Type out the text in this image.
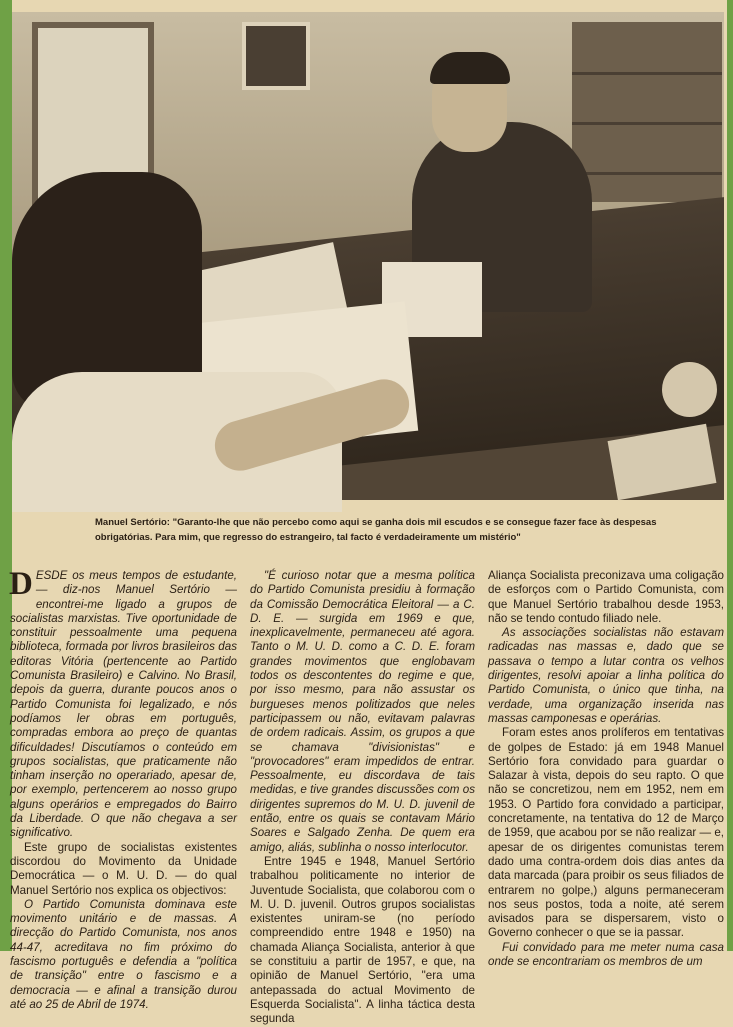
Manuel Sertório: "Garanto-lhe que não percebo como aqui se ganha dois mil escudos e se consegue fazer face às despesas obrigatórias. Para mim, que regresso do estrangeiro, tal facto é verdadeiramente um mistério"

DESDE os meus tempos de estudante, — diz-nos Manuel Sertório — encontrei-me ligado a grupos de socialistas marxistas. Tive oportunidade de constituir pessoalmente uma pequena biblioteca, formada por livros brasileiros das editoras Vitória (pertencente ao Partido Comunista Brasileiro) e Calvino. No Brasil, depois da guerra, durante poucos anos o Partido Comunista foi legalizado, e nós podíamos ler obras em português, compradas embora ao preço de quantas dificuldades! Discutíamos o conteúdo em grupos socialistas, que praticamente não tinham inserção no operariado, apesar de, por exemplo, pertencerem ao nosso grupo alguns operários e empregados do Bairro da Liberdade. O que não chegava a ser significativo.

Este grupo de socialistas existentes discordou do Movimento da Unidade Democrática — o M. U. D. — do qual Manuel Sertório nos explica os objectivos:

O Partido Comunista dominava este movimento unitário e de massas. A direcção do Partido Comunista, nos anos 44-47, acreditava no fim próximo do fascismo português e defendia a "política de transição" entre o fascismo e a democracia — e afinal a transição durou até ao 25 de Abril de 1974.

"É curioso notar que a mesma política do Partido Comunista presidiu à formação da Comissão Democrática Eleitoral — a C. D. E. — surgida em 1969 e que, inexplicavelmente, permaneceu até agora. Tanto o M. U. D. como a C. D. E. foram grandes movimentos que englobavam todos os descontentes do regime e que, por isso mesmo, para não assustar os burgueses menos politizados que neles participassem ou não, evitavam palavras de ordem radicais. Assim, os grupos a que se chamava "divisionistas" e "provocadores" eram impedidos de entrar. Pessoalmente, eu discordava de tais medidas, e tive grandes discussões com os dirigentes supremos do M. U. D. juvenil de então, entre os quais se contavam Mário Soares e Salgado Zenha. De quem era amigo, aliás, sublinha o nosso interlocutor.

Entre 1945 e 1948, Manuel Sertório trabalhou politicamente no interior de Juventude Socialista, que colaborou com o M. U. D. juvenil. Outros grupos socialistas existentes uniram-se (no período compreendido entre 1948 e 1950) na chamada Aliança Socialista, anterior à que se constituiu a partir de 1957, e que, na opinião de Manuel Sertório, "era uma antepassada do actual Movimento de Esquerda Socialista". A linha táctica desta segunda

Aliança Socialista preconizava uma coligação de esforços com o Partido Comunista, com que Manuel Sertório trabalhou desde 1953, não se tendo contudo filiado nele.

As associações socialistas não estavam radicadas nas massas e, dado que se passava o tempo a lutar contra os velhos dirigentes, resolvi apoiar a linha política do Partido Comunista, o único que tinha, na verdade, uma organização inserida nas massas camponesas e operárias.

Foram estes anos prolíferos em tentativas de golpes de Estado: já em 1948 Manuel Sertório fora convidado para guardar o Salazar à vista, depois do seu rapto. O que não se concretizou, nem em 1952, nem em 1953. O Partido fora convidado a participar, concretamente, na tentativa do 12 de Março de 1959, que acabou por se não realizar — e, apesar de os dirigentes comunistas terem dado uma contra-ordem dois dias antes da data marcada (para proibir os seus filiados de entrarem no golpe,) alguns permaneceram nos seus postos, toda a noite, até serem avisados para se dispersarem, visto o Governo conhecer o que se ia passar.

Fui convidado para me meter numa casa onde se encontrariam os membros de um
